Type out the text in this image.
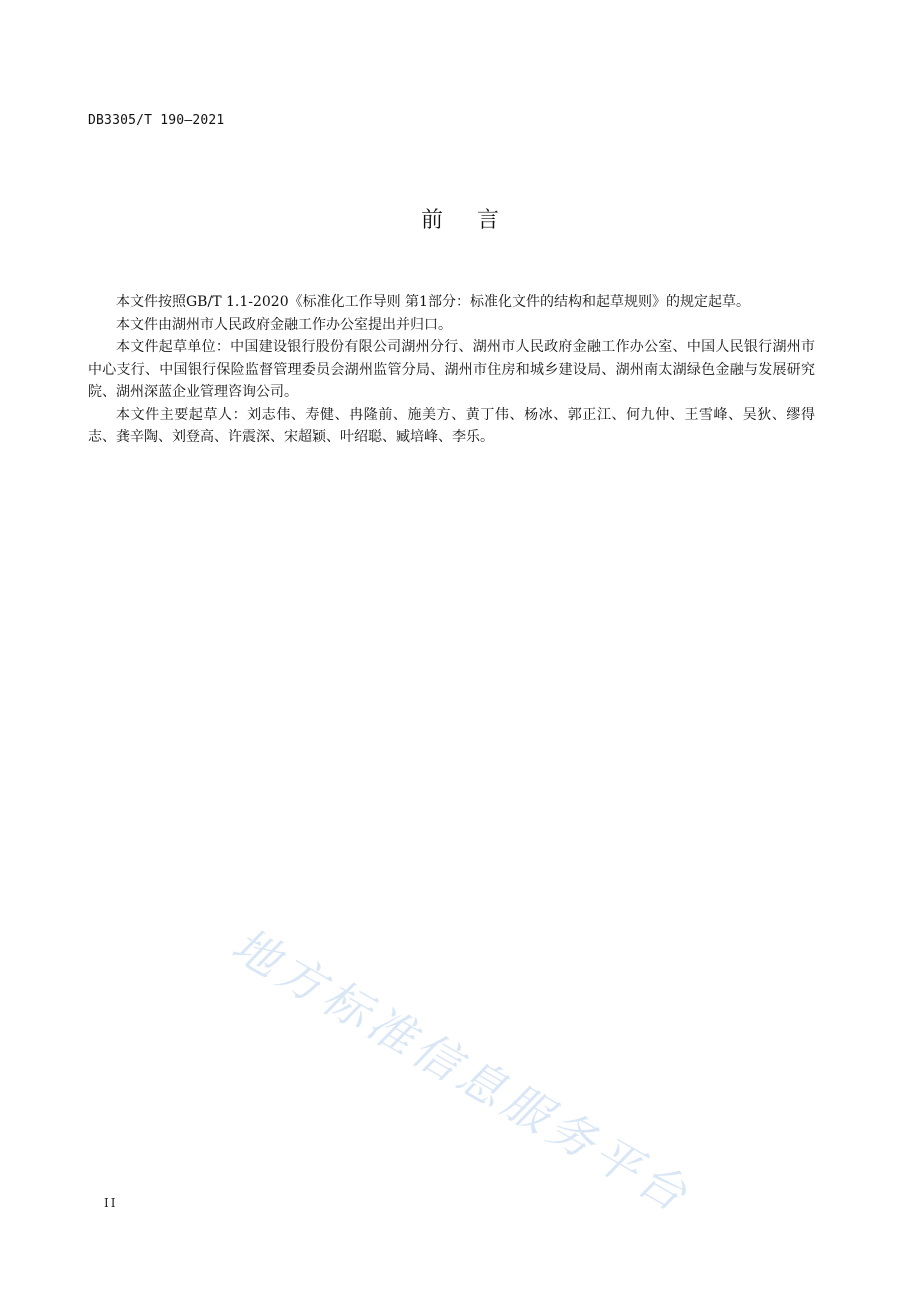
DB3305/T 190—2021
前言

本文件按照GB/T 1.1-2020《标准化工作导则 第1部分：标准化文件的结构和起草规则》的规定起草。

本文件由湖州市人民政府金融工作办公室提出并归口。

本文件起草单位：中国建设银行股份有限公司湖州分行、湖州市人民政府金融工作办公室、中国人民银行湖州市中心支行、中国银行保险监督管理委员会湖州监管分局、湖州市住房和城乡建设局、湖州南太湖绿色金融与发展研究院、湖州深蓝企业管理咨询公司。

本文件主要起草人：刘志伟、寿健、冉隆前、施美方、黄丁伟、杨冰、郭正江、何九仲、王雪峰、吴狄、缪得志、龚辛陶、刘登高、许震深、宋超颖、叶绍聪、臧培峰、李乐。

地方标准信息服务平台
II
